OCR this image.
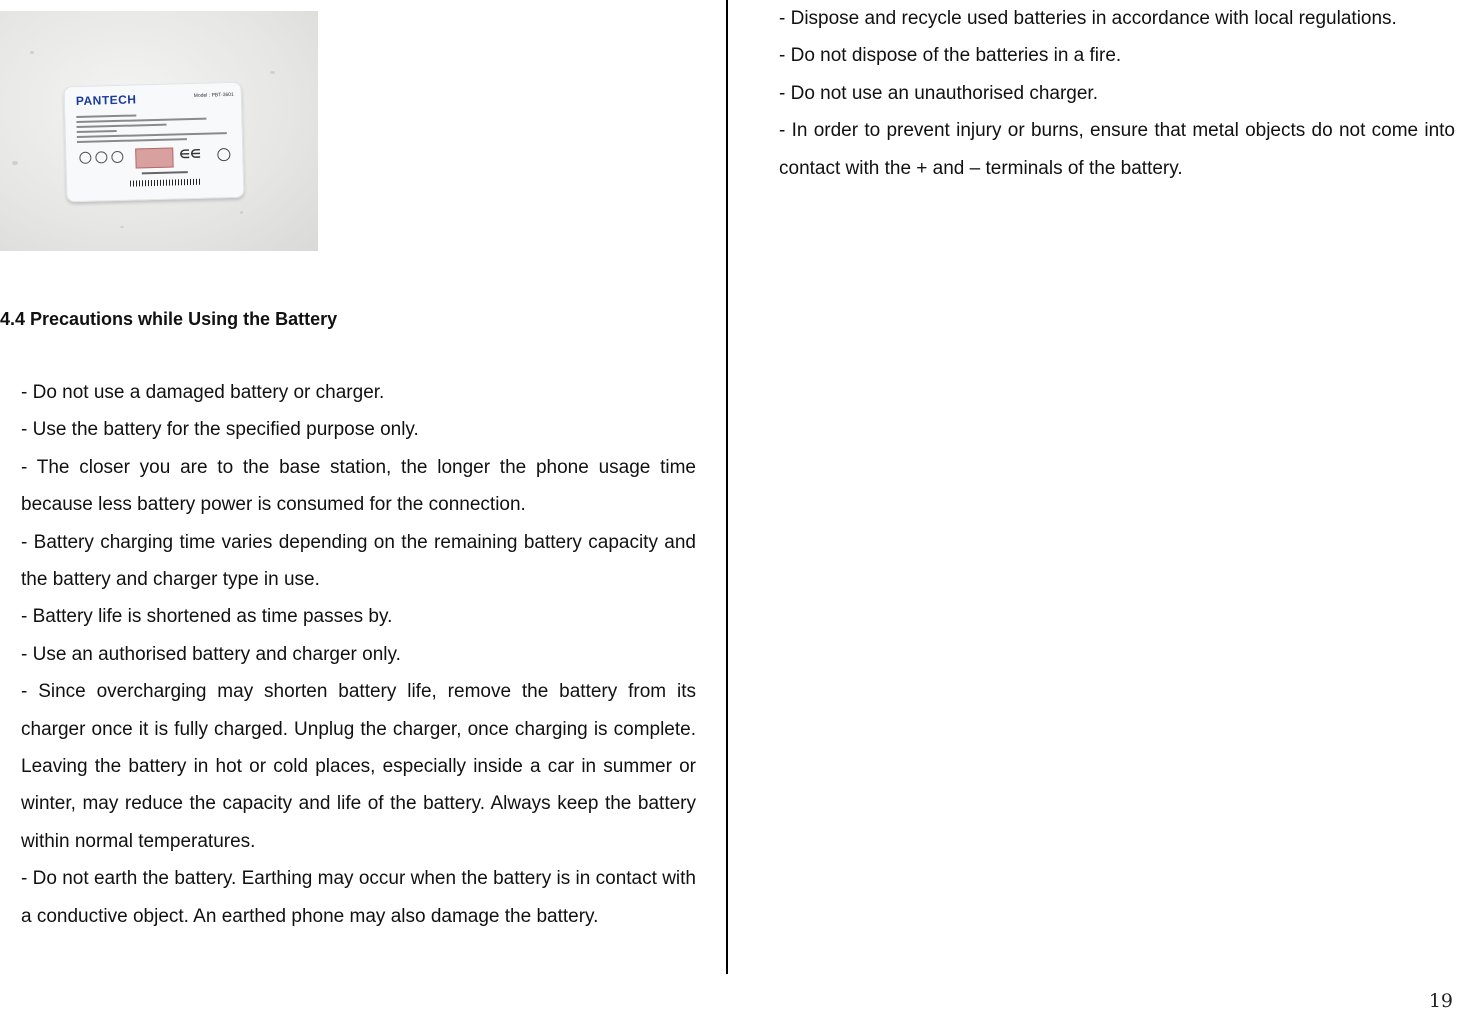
PANTECH	Model : PBT-3601
∈∈
4.4 Precautions while Using the Battery
- Do not use a damaged battery or charger.
- Use the battery for the specified purpose only.
- The closer you are to the base station, the longer the phone usage time because less battery power is consumed for the connection.
- Battery charging time varies depending on the remaining battery capacity and the battery and charger type in use.
- Battery life is shortened as time passes by.
- Use an authorised battery and charger only.
- Since overcharging may shorten battery life, remove the battery from its charger once it is fully charged. Unplug the charger, once charging is complete. Leaving the battery in hot or cold places, especially inside a car in summer or winter, may reduce the capacity and life of the battery. Always keep the battery within normal temperatures.
- Do not earth the battery. Earthing may occur when the battery is in contact with a conductive object. An earthed phone may also damage the battery.
- Dispose and recycle used batteries in accordance with local regulations.
- Do not dispose of the batteries in a fire.
- Do not use an unauthorised charger.
- In order to prevent injury or burns, ensure that metal objects do not come into contact with the + and – terminals of the battery.
19
